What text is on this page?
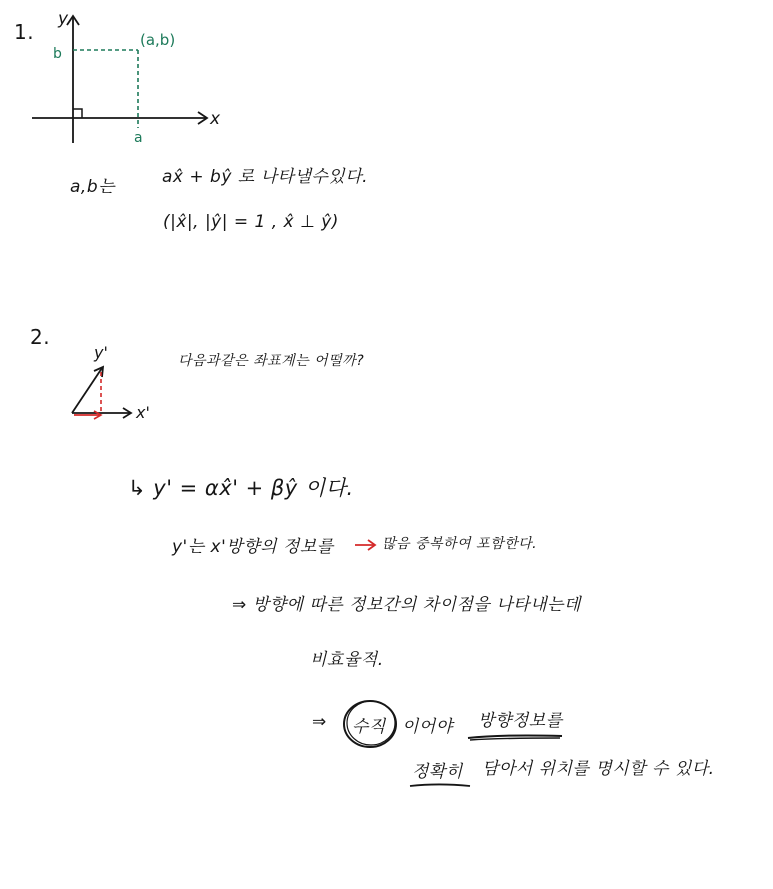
1.
x
y
(a,b)
a
b
a,b는	ax̂ + bŷ 로 나타낼수있다.
(|x̂|, |ŷ| = 1 , x̂ ⊥ ŷ)
2.
y'
x'
다음과같은 좌표계는 어떨까?
↳ y' = αx̂' + βŷ 이다.
y'는 x'방향의 정보를	많음 중복하여 포함한다.
⇒ 방향에 따른 정보간의 차이점을 나타내는데
비효율적.
⇒ 수직 이어야 방향정보를
정확히 담아서 위치를 명시할 수 있다.
